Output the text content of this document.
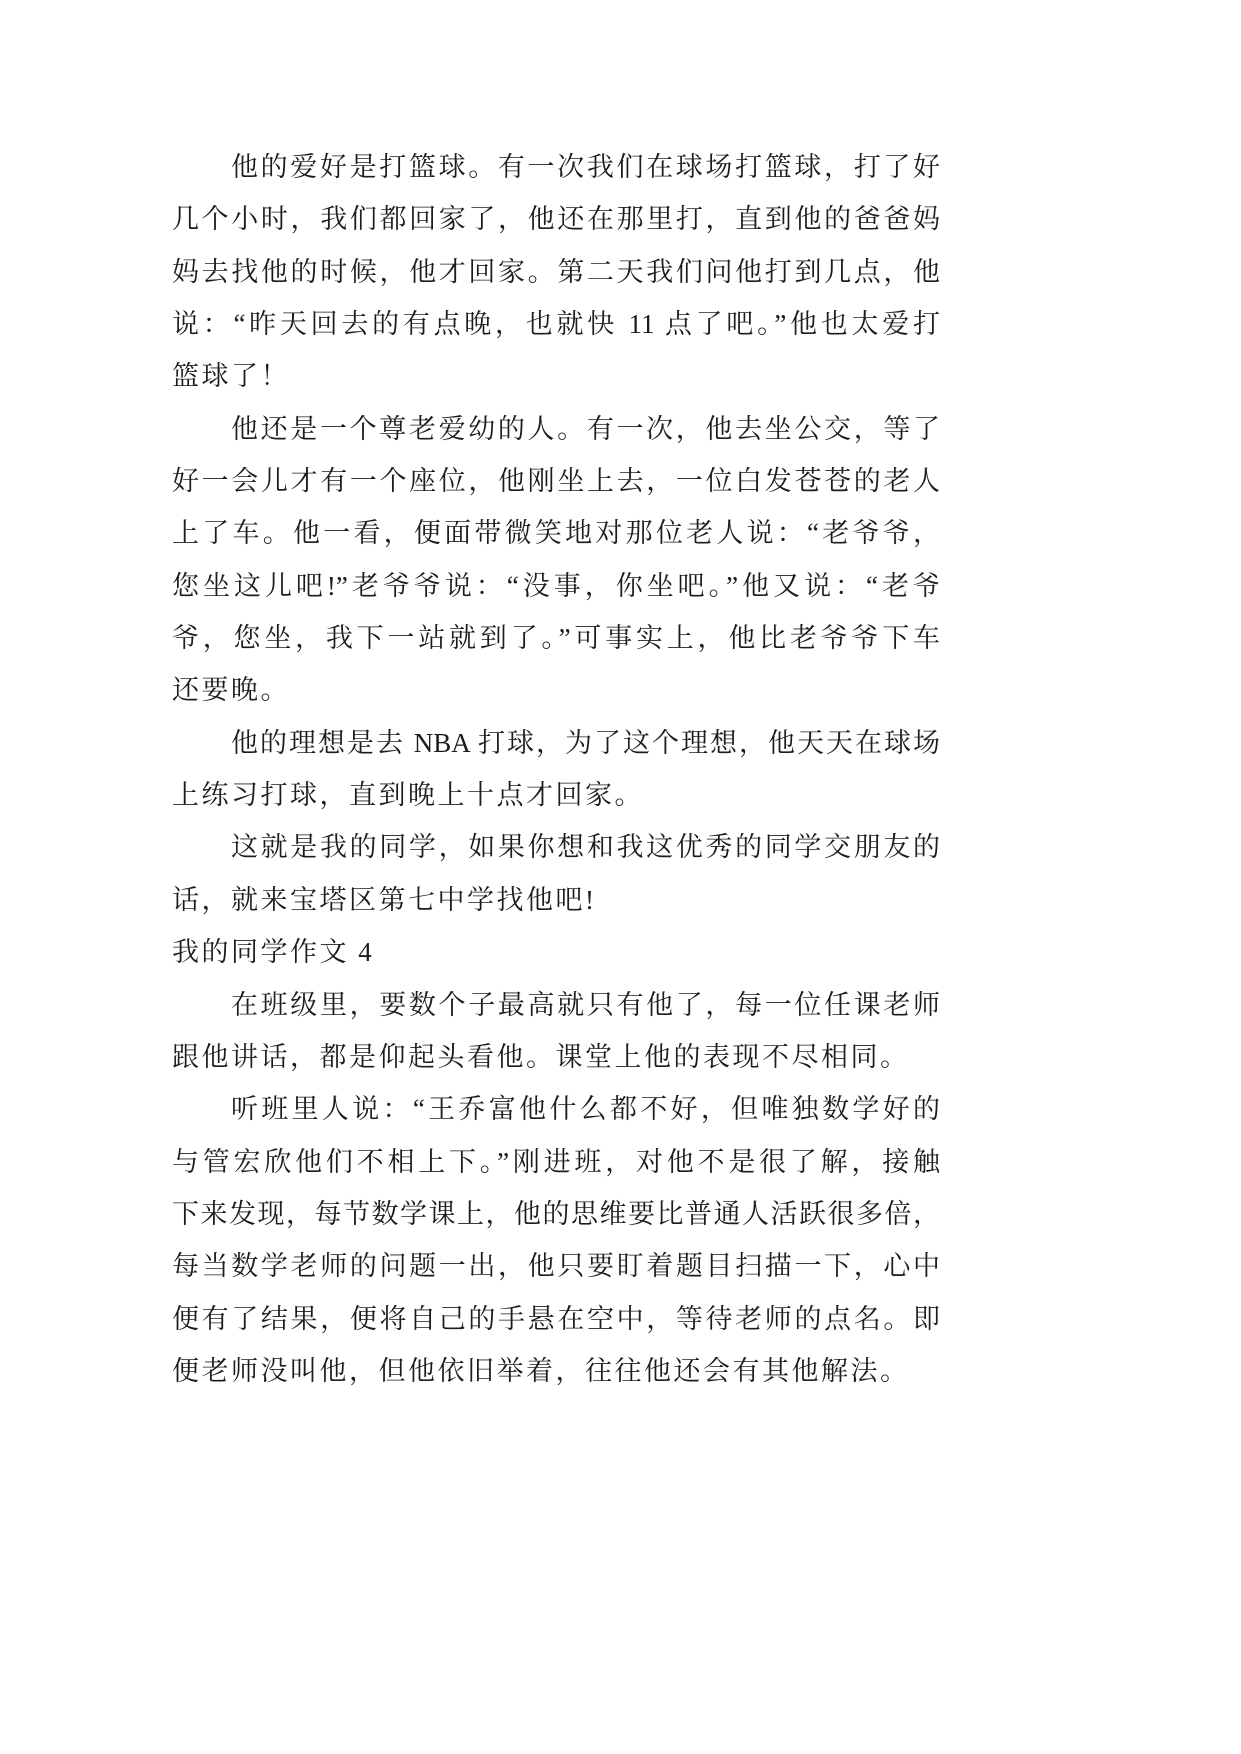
他的爱好是打篮球。有一次我们在球场打篮球，打了好
几个小时，我们都回家了，他还在那里打，直到他的爸爸妈
妈去找他的时候，他才回家。第二天我们问他打到几点，他
说：“昨天回去的有点晚，也就快 11 点了吧。”他也太爱打
篮球了！
他还是一个尊老爱幼的人。有一次，他去坐公交，等了
好一会儿才有一个座位，他刚坐上去，一位白发苍苍的老人
上了车。他一看，便面带微笑地对那位老人说：“老爷爷，
您坐这儿吧!”老爷爷说：“没事，你坐吧。”他又说：“老爷
爷，您坐，我下一站就到了。”可事实上，他比老爷爷下车
还要晚。
他的理想是去 NBA 打球，为了这个理想，他天天在球场
上练习打球，直到晚上十点才回家。
这就是我的同学，如果你想和我这优秀的同学交朋友的
话，就来宝塔区第七中学找他吧!
我的同学作文 4
在班级里，要数个子最高就只有他了，每一位任课老师
跟他讲话，都是仰起头看他。课堂上他的表现不尽相同。
听班里人说：“王乔富他什么都不好，但唯独数学好的
与管宏欣他们不相上下。”刚进班，对他不是很了解，接触
下来发现，每节数学课上，他的思维要比普通人活跃很多倍，
每当数学老师的问题一出，他只要盯着题目扫描一下，心中
便有了结果，便将自己的手悬在空中，等待老师的点名。即
便老师没叫他，但他依旧举着，往往他还会有其他解法。
